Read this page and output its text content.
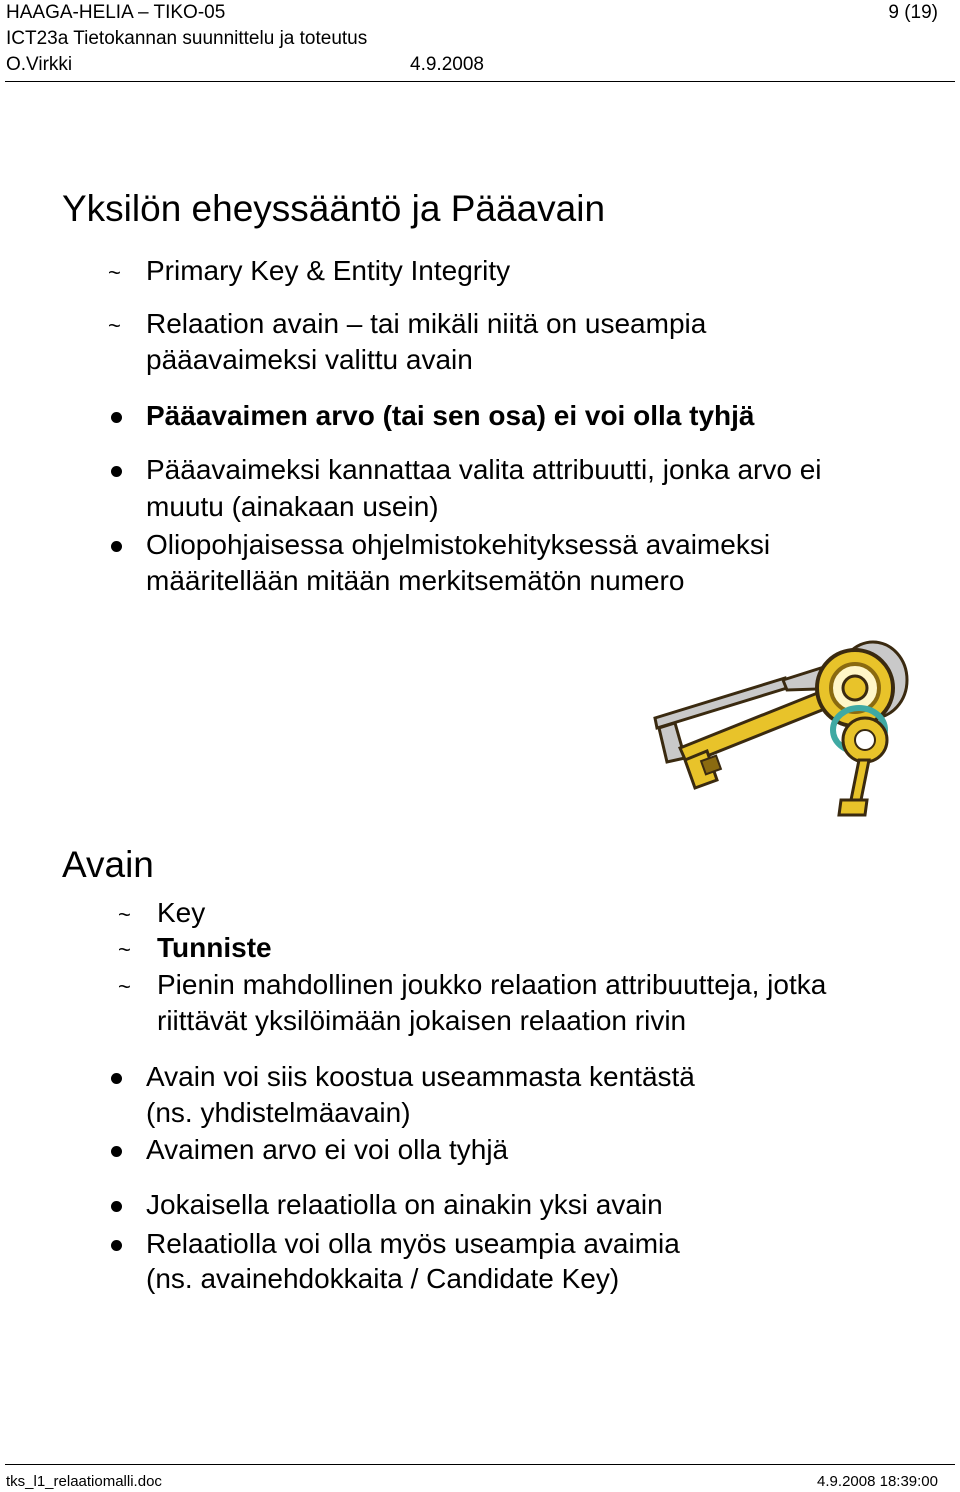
HAAGA-HELIA – TIKO-05	9 (19)
ICT23a Tietokannan suunnittelu ja toteutus
O.Virkki	4.9.2008
Yksilön eheyssääntö ja Pääavain
~ Primary Key & Entity Integrity
~ Relaation avain – tai mikäli niitä on useampia
pääavaimeksi valittu avain
Pääavaimen arvo (tai sen osa) ei voi olla tyhjä
Pääavaimeksi kannattaa valita attribuutti, jonka arvo ei
muutu (ainakaan usein)
Oliopohjaisessa ohjelmistokehityksessä avaimeksi
määritellään mitään merkitsemätön numero
Avain
~ Key
~ Tunniste
~ Pienin mahdollinen joukko relaation attribuutteja, jotka
riittävät yksilöimään jokaisen relaation rivin
Avain voi siis koostua useammasta kentästä
(ns. yhdistelmäavain)
Avaimen arvo ei voi olla tyhjä
Jokaisella relaatiolla on ainakin yksi avain
Relaatiolla voi olla myös useampia avaimia
(ns. avainehdokkaita / Candidate Key)
tks_l1_relaatiomalli.doc	4.9.2008 18:39:00
